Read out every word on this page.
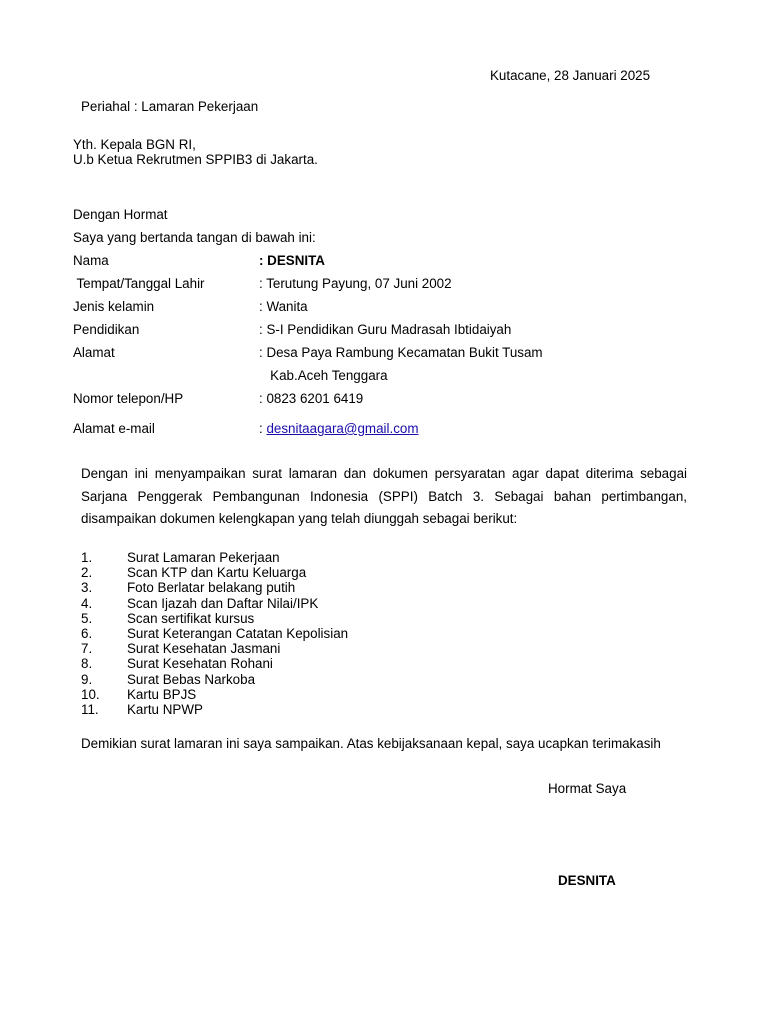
Kutacane, 28 Januari 2025
Periahal : Lamaran Pekerjaan
Yth. Kepala BGN RI,
U.b Ketua Rekrutmen SPPIB3 di Jakarta.
Dengan Hormat
Saya yang bertanda tangan di bawah ini:
Nama	: DESNITA
Tempat/Tanggal Lahir	: Terutung Payung, 07 Juni 2002
Jenis kelamin	: Wanita
Pendidikan	: S-I Pendidikan Guru Madrasah Ibtidaiyah
Alamat	: Desa Paya Rambung Kecamatan Bukit Tusam
Kab.Aceh Tenggara
Nomor telepon/HP	: 0823 6201 6419
Alamat e-mail	: desnitaagara@gmail.com
Dengan ini menyampaikan surat lamaran dan dokumen persyaratan agar dapat diterima sebagai Sarjana Penggerak Pembangunan Indonesia (SPPI) Batch 3. Sebagai bahan pertimbangan, disampaikan dokumen kelengkapan yang telah diunggah sebagai berikut:
1.	Surat Lamaran Pekerjaan
2.	Scan KTP dan Kartu Keluarga
3.	Foto Berlatar belakang putih
4.	Scan Ijazah dan Daftar Nilai/IPK
5.	Scan sertifikat kursus
6.	Surat Keterangan Catatan Kepolisian
7.	Surat Kesehatan Jasmani
8.	Surat Kesehatan Rohani
9.	Surat Bebas Narkoba
10. Kartu BPJS
11. Kartu NPWP
Demikian surat lamaran ini saya sampaikan. Atas kebijaksanaan kepal, saya ucapkan terimakasih
Hormat Saya
DESNITA
